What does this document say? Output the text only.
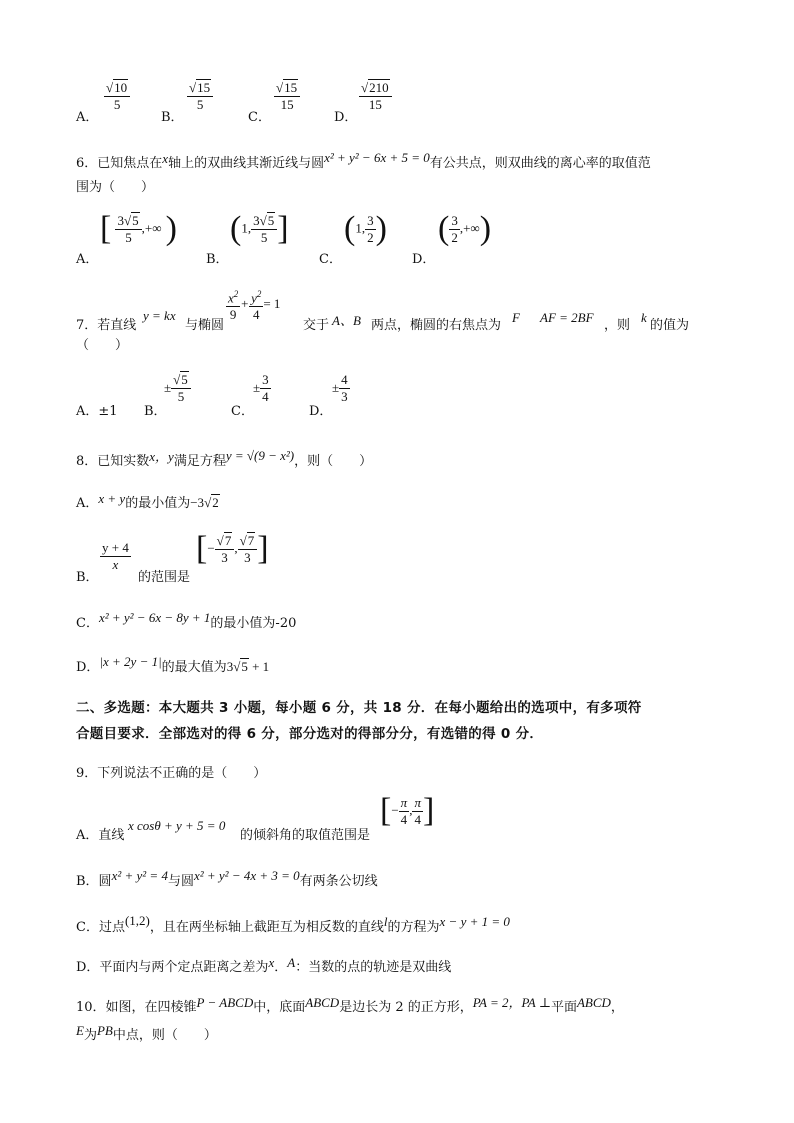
A．
$\frac{√10}{5}$
B．
$\frac{√15}{5}$
C．
$\frac{√15}{15}$
D．
$\frac{√210}{15}$
6．已知焦点在x轴上的双曲线其渐近线与圆x² + y² − 6x + 5 = 0有公共点，则双曲线的离心率的取值范
围为（　　）
A．
[ $\frac{3√5}{5}$ ,+∞ )
B．
(1, $\frac{3√5}{5}$ ]
C．
(1, $\frac{3}{2}$ )
D．
( $\frac{3}{2}$ ,+∞)
7．若直线
y = kx
与椭圆
$\frac{x^2}{9} + \frac{y^2}{4} = 1$
交于 A、B 两点，椭圆的右焦点为
F AF = 2BF
，则
k
的值为
（　　）
A．±1 B．
± $\frac{√5}{5}$
C．
± $\frac{3}{4}$
D．
± $\frac{4}{3}$
8．已知实数x，y满足方程y = √(9 − x²)，则（　　）
A．x + y的最小值为−3√2
B．
$\frac{y + 4}{x}$
的范围是
[− $\frac{√7}{3}$ , $\frac{√7}{3}$ ]
C．x² + y² − 6x − 8y + 1的最小值为-20
D．|x + 2y − 1|的最大值为3√5 + 1
二、多选题：本大题共 3 小题，每小题 6 分，共 18 分．在每小题给出的选项中，有多项符
合题目要求．全部选对的得 6 分，部分选对的得部分分，有选错的得 0 分．
9．下列说法不正确的是（　　）
A．直线
x cosθ + y + 5 = 0
的倾斜角的取值范围是
[− $\frac{\pi}{4}$ , $\frac{\pi}{4}$ ]
B．圆x² + y² = 4与圆x² + y² − 4x + 3 = 0有两条公切线
C．过点(1,2)，且在两坐标轴上截距互为相反数的直线l的方程为x − y + 1 = 0
D．平面内与两个定点距离之差为x．A：当数的点的轨迹是双曲线
10．如图，在四棱锥P − ABCD中，底面ABCD是边长为 2 的正方形，PA = 2，PA ⊥平面ABCD，
E为PB中点，则（　　）
